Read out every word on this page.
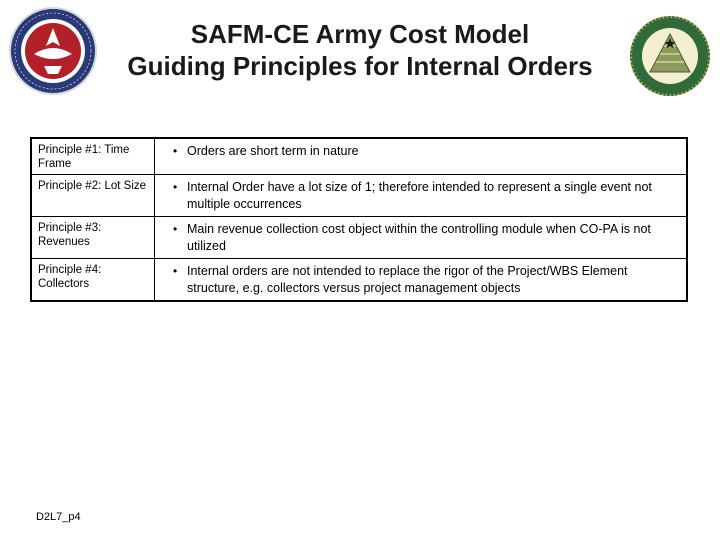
SAFM-CE Army Cost Model
Guiding Principles for Internal Orders
Principle #1: Time Frame	• Orders are short term in nature

Principle #2: Lot Size	• Internal Order have a lot size of 1; therefore intended to represent a single event not multiple occurrences

Principle #3: Revenues	• Main revenue collection cost object within the controlling module when CO-PA is not utilized

Principle #4: Collectors	• Internal orders are not intended to replace the rigor of the Project/WBS Element structure, e.g. collectors versus project management objects
D2L7_p4
